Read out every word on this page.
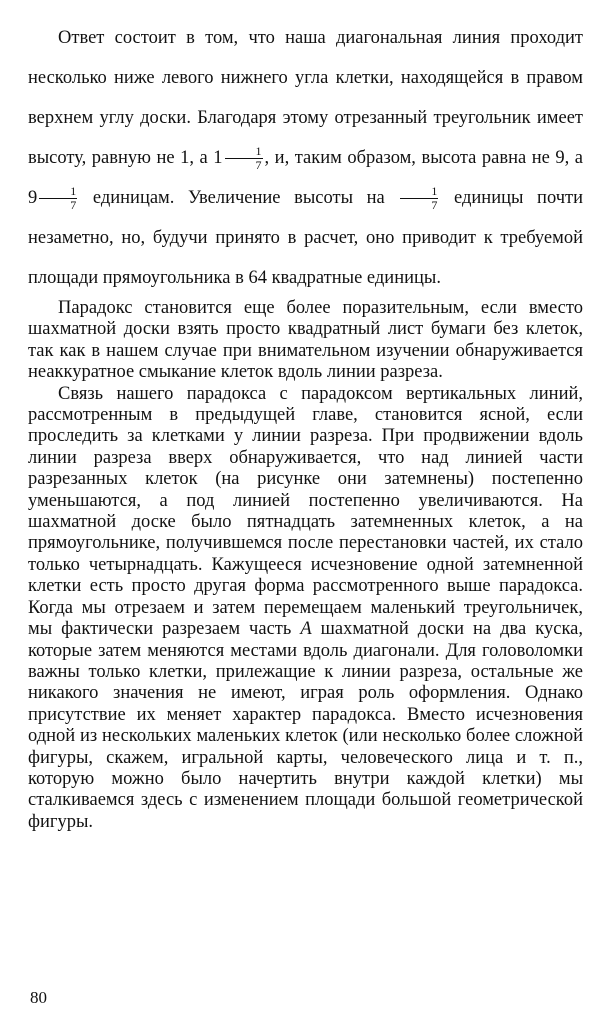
Ответ состоит в том, что наша диагональная линия проходит несколько ниже левого нижнего угла клетки, находящейся в правом верхнем углу доски. Благодаря этому отрезанный треугольник имеет высоту, равную не 1, а $1 \frac{1}{7}$ , и, таким образом, высота равна не 9, а $9 \frac{1}{7}$ единицам. Увеличение высоты на $\frac{1}{7}$ единицы почти незаметно, но, будучи принято в расчет, оно приводит к требуемой площади прямоугольника в 64 квадратные единицы.

Парадокс становится еще более поразительным, если вместо шахматной доски взять просто квадратный лист бумаги без клеток, так как в нашем случае при внимательном изучении обнаруживается неаккуратное смыкание клеток вдоль линии разреза.

Связь нашего парадокса с парадоксом вертикальных линий, рассмотренным в предыдущей главе, становится ясной, если проследить за клетками у линии разреза. При продвижении вдоль линии разреза вверх обнаруживается, что над линией части разрезанных клеток (на рисунке они затемнены) постепенно уменьшаются, а под линией постепенно увеличиваются. На шахматной доске было пятнадцать затемненных клеток, а на прямоугольнике, получившемся после перестановки частей, их стало только четырнадцать. Кажущееся исчезновение одной затемненной клетки есть просто другая форма рассмотренного выше парадокса. Когда мы отрезаем и затем перемещаем маленький треугольничек, мы фактически разрезаем часть А шахматной доски на два куска, которые затем меняются местами вдоль диагонали. Для головоломки важны только клетки, прилежащие к линии разреза, остальные же никакого значения не имеют, играя роль оформления. Однако присутствие их меняет характер парадокса. Вместо исчезновения одной из нескольких маленьких клеток (или несколько более сложной фигуры, скажем, игральной карты, человеческого лица и т. п., которую можно было начертить внутри каждой клетки) мы сталкиваемся здесь с изменением площади большой геометрической фигуры.

80
